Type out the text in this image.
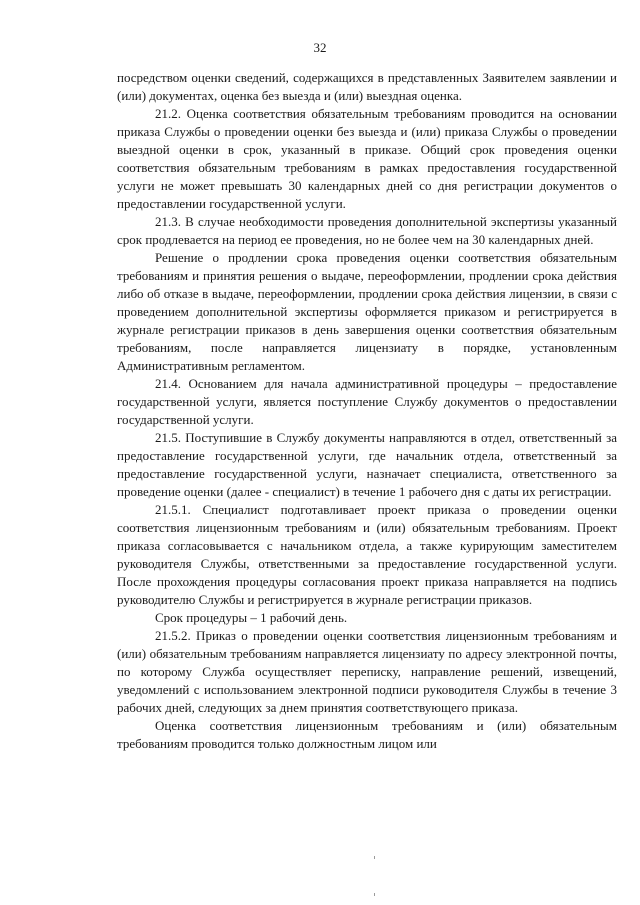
32

посредством оценки сведений, содержащихся в представленных Заявителем заявлении и (или) документах, оценка без выезда и (или) выездная оценка.

21.2. Оценка соответствия обязательным требованиям проводится на основании приказа Службы о проведении оценки без выезда и (или) приказа Службы о проведении выездной оценки в срок, указанный в приказе. Общий срок проведения оценки соответствия обязательным требованиям в рамках предоставления государственной услуги не может превышать 30 календарных дней со дня регистрации документов о предоставлении государственной услуги.

21.3. В случае необходимости проведения дополнительной экспертизы указанный срок продлевается на период ее проведения, но не более чем на 30 календарных дней.

Решение о продлении срока проведения оценки соответствия обязательным требованиям и принятия решения о выдаче, переоформлении, продлении срока действия либо об отказе в выдаче, переоформлении, продлении срока действия лицензии, в связи с проведением дополнительной экспертизы оформляется приказом и регистрируется в журнале регистрации приказов в день завершения оценки соответствия обязательным требованиям, после направляется лицензиату в порядке, установленным Административным регламентом.

21.4. Основанием для начала административной процедуры – предоставление государственной услуги, является поступление Службу документов о предоставлении государственной услуги.

21.5. Поступившие в Службу документы направляются в отдел, ответственный за предоставление государственной услуги, где начальник отдела, ответственный за предоставление государственной услуги, назначает специалиста, ответственного за проведение оценки (далее - специалист) в течение 1 рабочего дня с даты их регистрации.

21.5.1. Специалист подготавливает проект приказа о проведении оценки соответствия лицензионным требованиям и (или) обязательным требованиям. Проект приказа согласовывается с начальником отдела, а также курирующим заместителем руководителя Службы, ответственными за предоставление государственной услуги. После прохождения процедуры согласования проект приказа направляется на подпись руководителю Службы и регистрируется в журнале регистрации приказов.

Срок процедуры – 1 рабочий день.

21.5.2. Приказ о проведении оценки соответствия лицензионным требованиям и (или) обязательным требованиям направляется лицензиату по адресу электронной почты, по которому Служба осуществляет переписку, направление решений, извещений, уведомлений с использованием электронной подписи руководителя Службы в течение 3 рабочих дней, следующих за днем принятия соответствующего приказа.

Оценка соответствия лицензионным требованиям и (или) обязательным требованиям проводится только должностным лицом или
